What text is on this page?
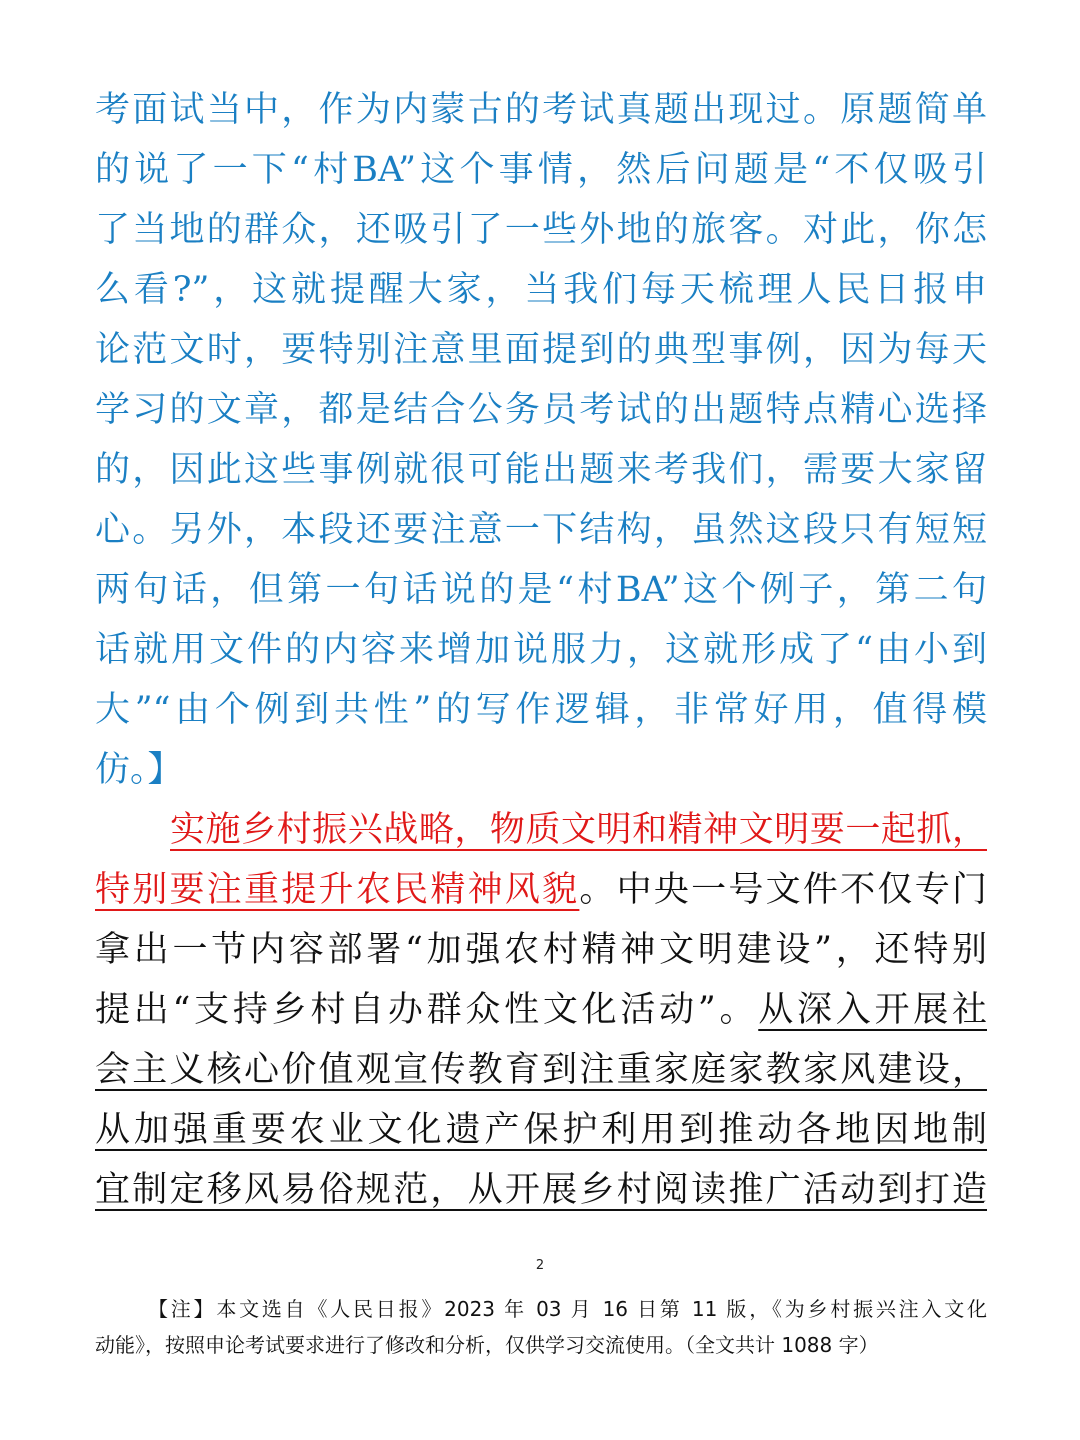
考面试当中，作为内蒙古的考试真题出现过。原题简单
的说了一下“村BA”这个事情，然后问题是“不仅吸引
了当地的群众，还吸引了一些外地的旅客。对此，你怎
么看?”，这就提醒大家，当我们每天梳理人民日报申
论范文时，要特别注意里面提到的典型事例，因为每天
学习的文章，都是结合公务员考试的出题特点精心选择
的，因此这些事例就很可能出题来考我们，需要大家留
心。另外，本段还要注意一下结构，虽然这段只有短短
两句话，但第一句话说的是“村BA”这个例子，第二句
话就用文件的内容来增加说服力，这就形成了“由小到
大”“由个例到共性”的写作逻辑，非常好用，值得模
仿。】
实施乡村振兴战略，物质文明和精神文明要一起抓，
特别要注重提升农民精神风貌。中央一号文件不仅专门
拿出一节内容部署“加强农村精神文明建设”，还特别
提出“支持乡村自办群众性文化活动”。从深入开展社
会主义核心价值观宣传教育到注重家庭家教家风建设，
从加强重要农业文化遗产保护利用到推动各地因地制
宜制定移风易俗规范，从开展乡村阅读推广活动到打造
2
【注】本文选自《人民日报》2023 年 03 月 16 日第 11 版，《为乡村振兴注入文化
动能》，按照申论考试要求进行了修改和分析，仅供学习交流使用。（全文共计 1088 字）
